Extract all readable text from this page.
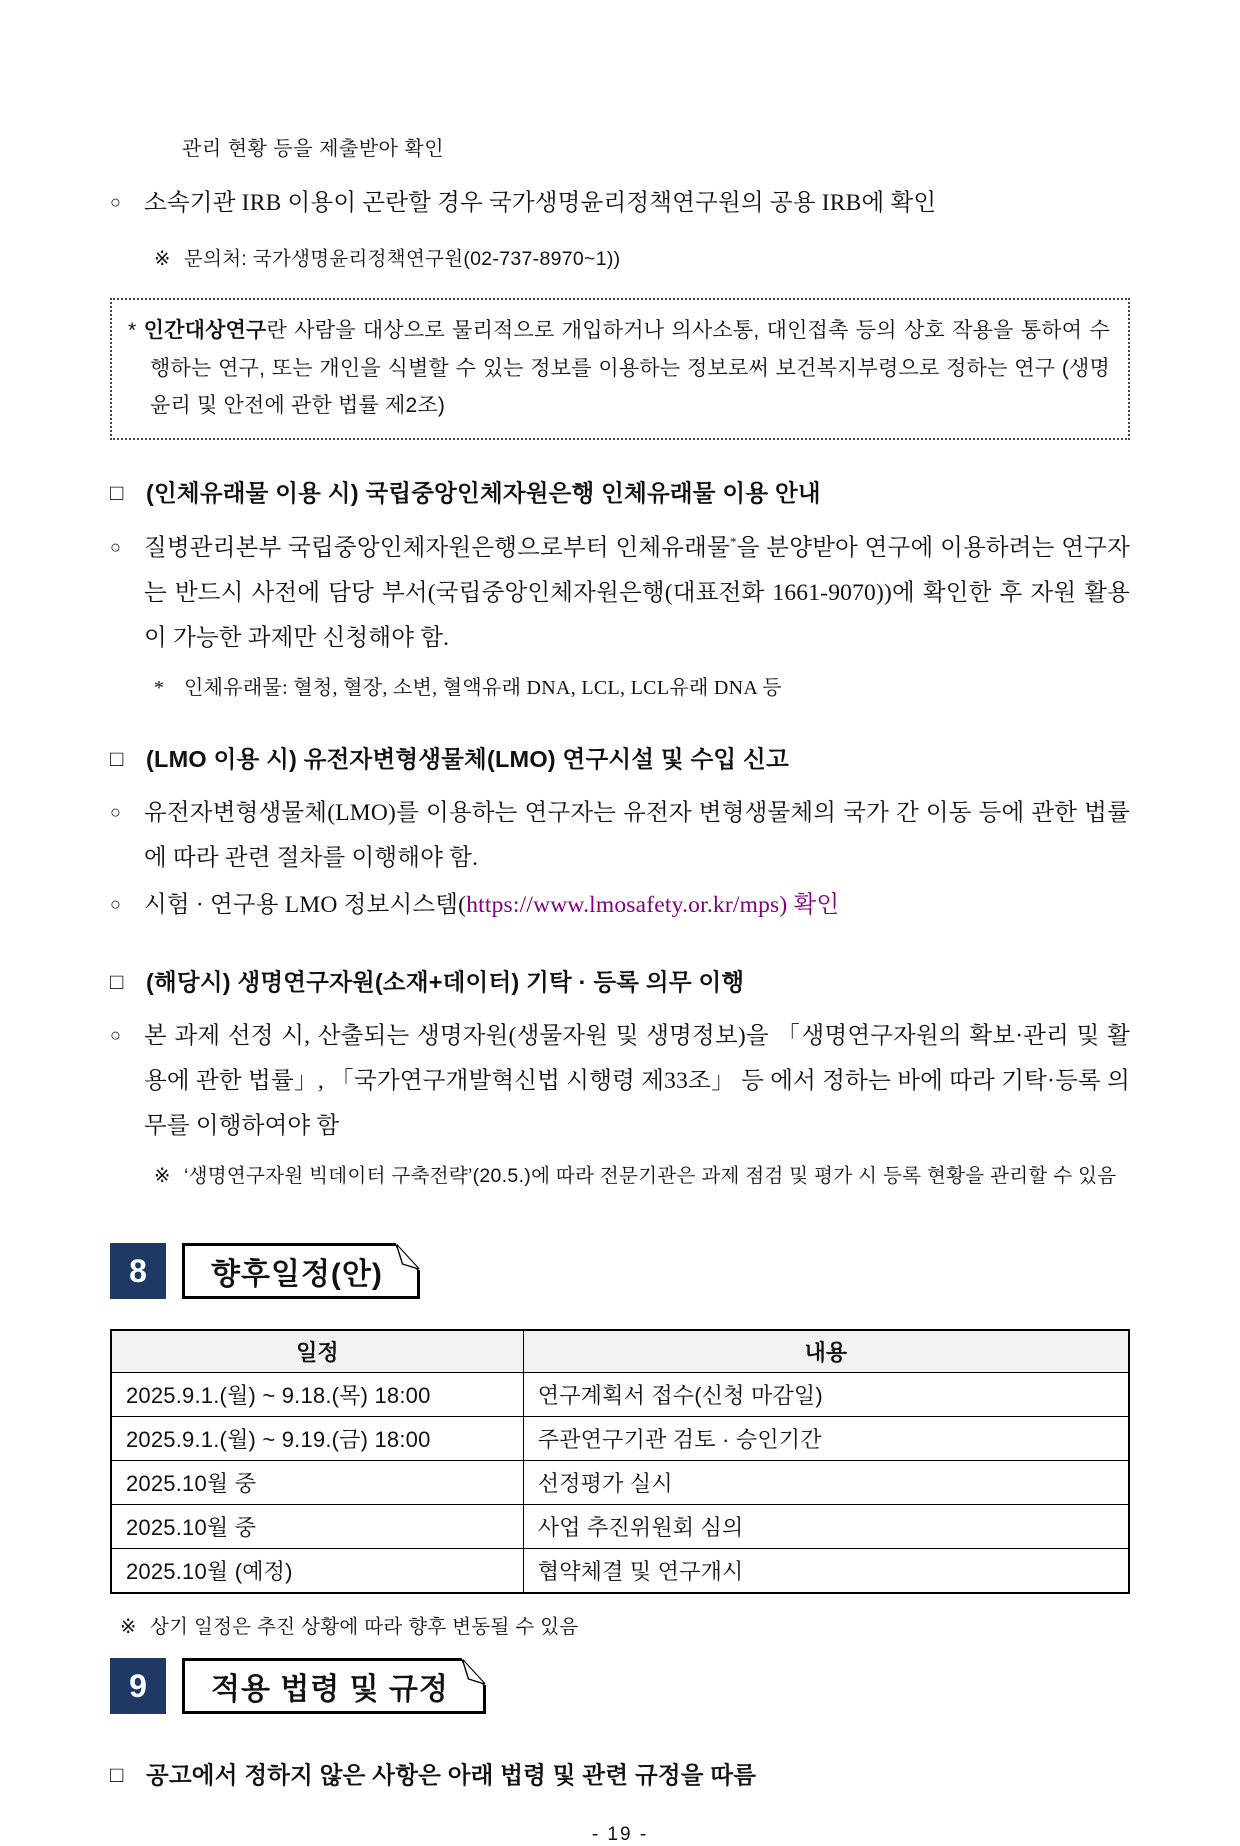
관리 현황 등을 제출받아 확인
○ 소속기관 IRB 이용이 곤란할 경우 국가생명윤리정책연구원의 공용 IRB에 확인
※ 문의처: 국가생명윤리정책연구원(02-737-8970~1))

* 인간대상연구란 사람을 대상으로 물리적으로 개입하거나 의사소통, 대인접촉 등의 상호 작용을 통하여 수행하는 연구, 또는 개인을 식별할 수 있는 정보를 이용하는 정보로써 보건복지부령으로 정하는 연구 (생명윤리 및 안전에 관한 법률 제2조)

□ (인체유래물 이용 시) 국립중앙인체자원은행 인체유래물 이용 안내
○ 질병관리본부 국립중앙인체자원은행으로부터 인체유래물*을 분양받아 연구에 이용하려는 연구자는 반드시 사전에 담당 부서(국립중앙인체자원은행(대표전화 1661-9070))에 확인한 후 자원 활용이 가능한 과제만 신청해야 함.
* 인체유래물: 혈청, 혈장, 소변, 혈액유래 DNA, LCL, LCL유래 DNA 등
□ (LMO 이용 시) 유전자변형생물체(LMO) 연구시설 및 수입 신고
○ 유전자변형생물체(LMO)를 이용하는 연구자는 유전자 변형생물체의 국가 간 이동 등에 관한 법률에 따라 관련 절차를 이행해야 함.
○ 시험 · 연구용 LMO 정보시스템(https://www.lmosafety.or.kr/mps) 확인
□ (해당시) 생명연구자원(소재+데이터) 기탁 · 등록 의무 이행
○ 본 과제 선정 시, 산출되는 생명자원(생물자원 및 생명정보)을 「생명연구자원의 확보·관리 및 활용에 관한 법률」, 「국가연구개발혁신법 시행령 제33조」 등 에서 정하는 바에 따라 기탁·등록 의무를 이행하여야 함
※ ‘생명연구자원 빅데이터 구축전략’(20.5.)에 따라 전문기관은 과제 점검 및 평가 시 등록 현황을 관리할 수 있음
8	향후일정(안)
일정	내용
2025.9.1.(월) ~ 9.18.(목) 18:00	연구계획서 접수(신청 마감일)
2025.9.1.(월) ~ 9.19.(금) 18:00	주관연구기관 검토 · 승인기간
2025.10월 중	선정평가 실시
2025.10월 중	사업 추진위원회 심의
2025.10월 (예정)	협약체결 및 연구개시
※ 상기 일정은 추진 상황에 따라 향후 변동될 수 있음
9	적용 법령 및 규정
□ 공고에서 정하지 않은 사항은 아래 법령 및 관련 규정을 따름
- 19 -
